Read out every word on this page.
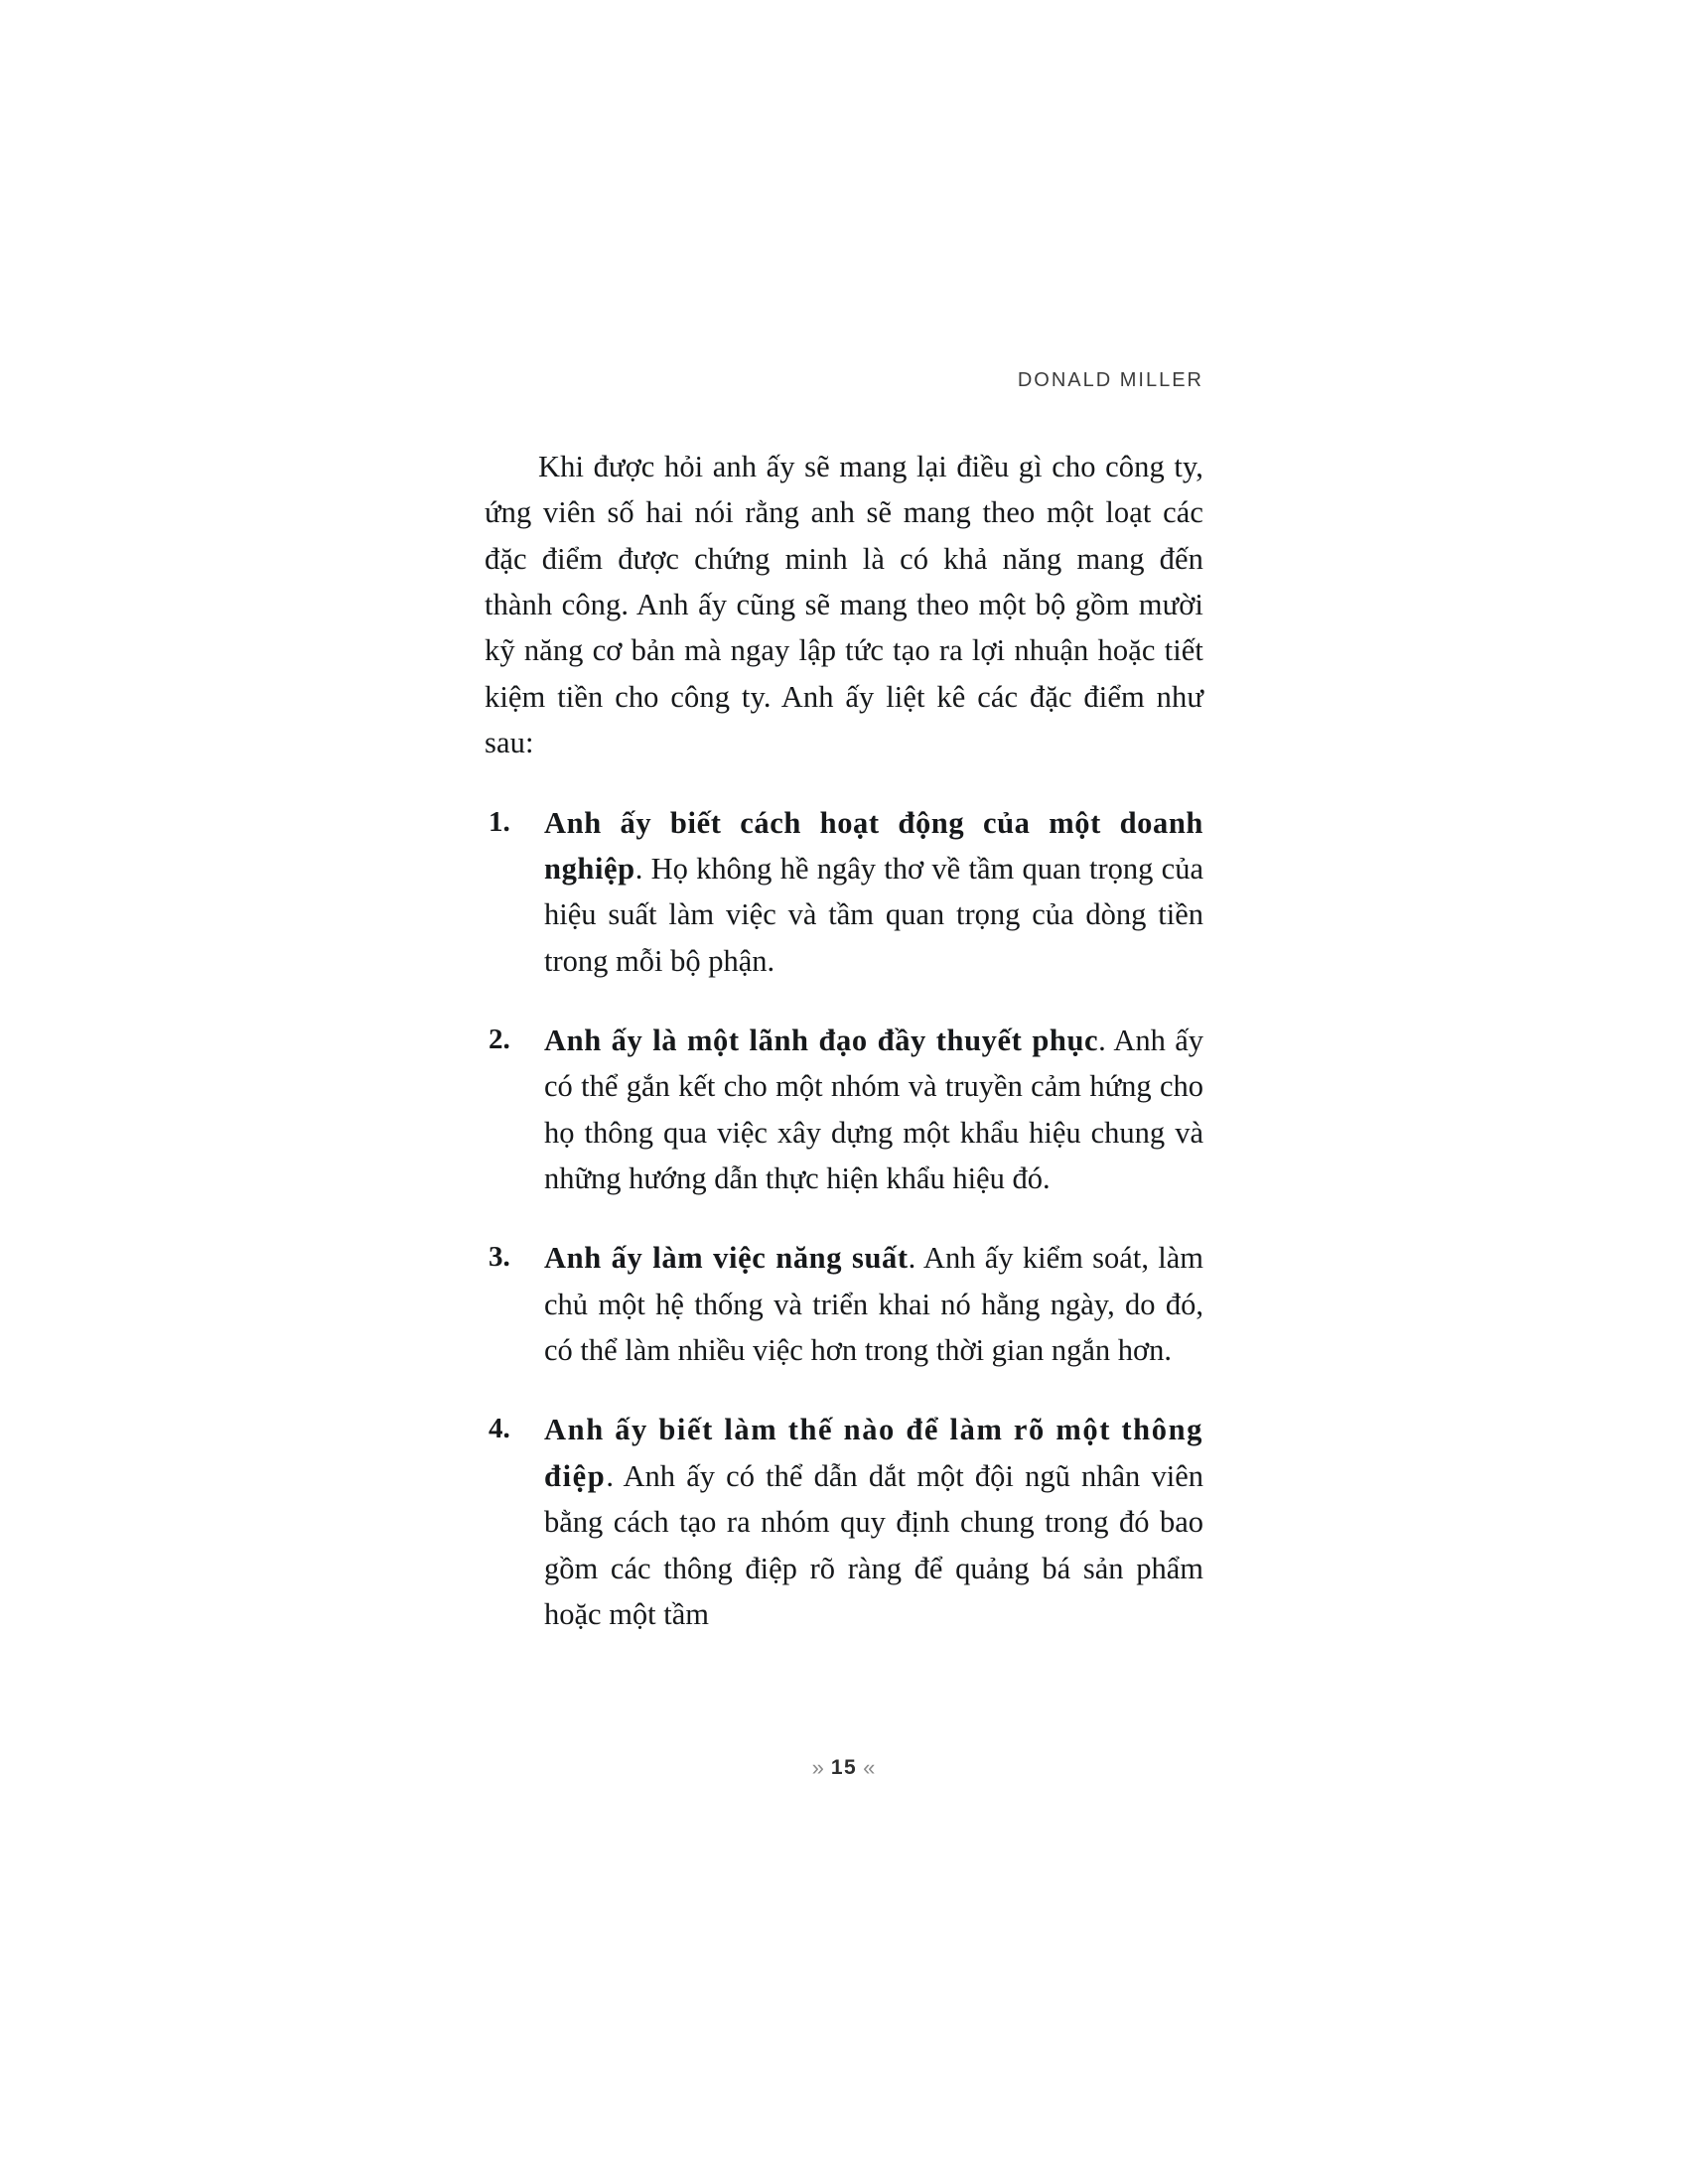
DONALD MILLER

Khi được hỏi anh ấy sẽ mang lại điều gì cho công ty, ứng viên số hai nói rằng anh sẽ mang theo một loạt các đặc điểm được chứng minh là có khả năng mang đến thành công. Anh ấy cũng sẽ mang theo một bộ gồm mười kỹ năng cơ bản mà ngay lập tức tạo ra lợi nhuận hoặc tiết kiệm tiền cho công ty. Anh ấy liệt kê các đặc điểm như sau:

1.	Anh ấy biết cách hoạt động của một doanh nghiệp. Họ không hề ngây thơ về tầm quan trọng của hiệu suất làm việc và tầm quan trọng của dòng tiền trong mỗi bộ phận.
2.	Anh ấy là một lãnh đạo đầy thuyết phục. Anh ấy có thể gắn kết cho một nhóm và truyền cảm hứng cho họ thông qua việc xây dựng một khẩu hiệu chung và những hướng dẫn thực hiện khẩu hiệu đó.
3.	Anh ấy làm việc năng suất. Anh ấy kiểm soát, làm chủ một hệ thống và triển khai nó hằng ngày, do đó, có thể làm nhiều việc hơn trong thời gian ngắn hơn.
4.	Anh ấy biết làm thế nào để làm rõ một thông điệp. Anh ấy có thể dẫn dắt một đội ngũ nhân viên bằng cách tạo ra nhóm quy định chung trong đó bao gồm các thông điệp rõ ràng để quảng bá sản phẩm hoặc một tầm
» 15 «
